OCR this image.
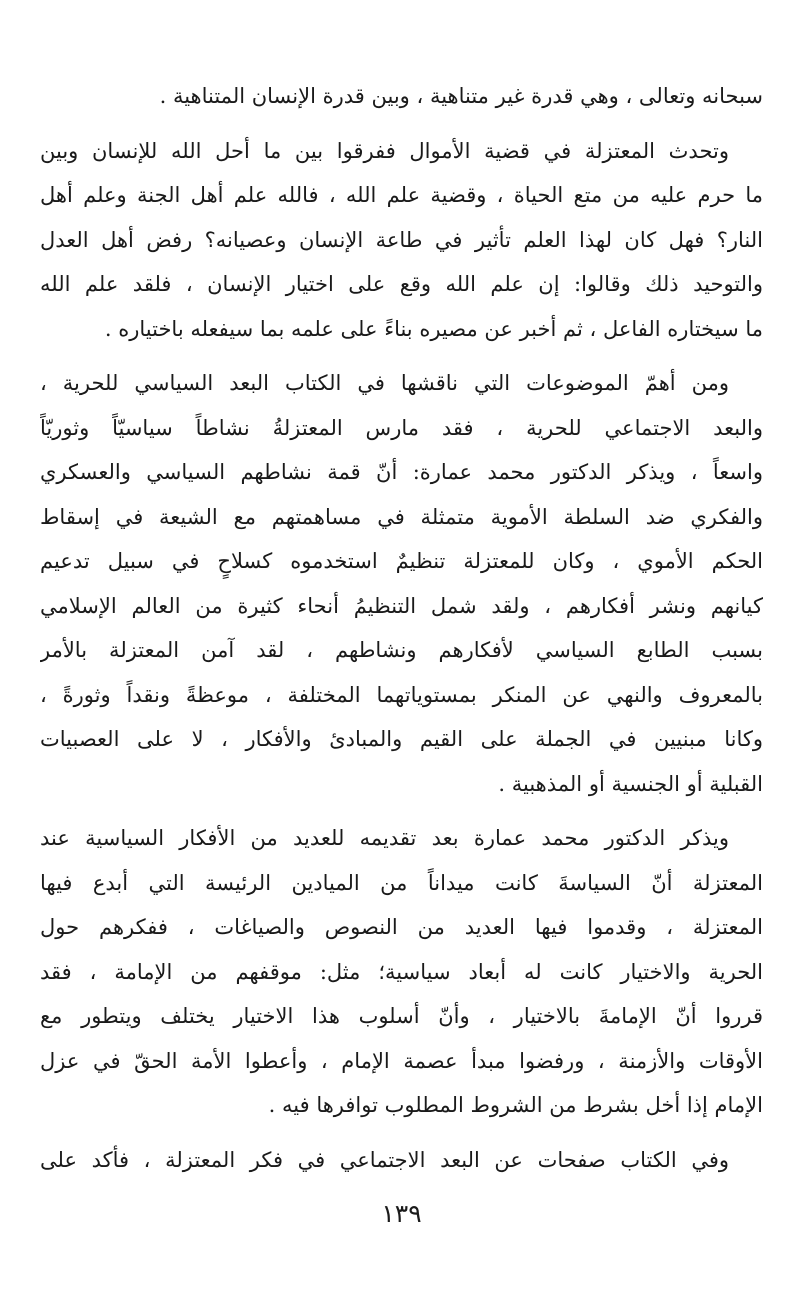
سبحانه وتعالى ، وهي قدرة غير متناهية ، وبين قدرة الإنسان المتناهية .
وتحدث المعتزلة في قضية الأموال ففرقوا بين ما أحل الله للإنسان وبين
ما حرم عليه من متع الحياة ، وقضية علم الله ، فالله علم أهل الجنة وعلم أهل
النار؟ فهل كان لهذا العلم تأثير في طاعة الإنسان وعصيانه؟ رفض أهل العدل
والتوحيد ذلك وقالوا: إن علم الله وقع على اختيار الإنسان ، فلقد علم الله
ما سيختاره الفاعل ، ثم أخبر عن مصيره بناءً على علمه بما سيفعله باختياره .
ومن أهمّ الموضوعات التي ناقشها في الكتاب البعد السياسي للحرية ،
والبعد الاجتماعي للحرية ، فقد مارس المعتزلةُ نشاطاً سياسيّاً وثوريّاً
واسعاً ، ويذكر الدكتور محمد عمارة: أنّ قمة نشاطهم السياسي والعسكري
والفكري ضد السلطة الأموية متمثلة في مساهمتهم مع الشيعة في إسقاط
الحكم الأموي ، وكان للمعتزلة تنظيمٌ استخدموه كسلاحٍ في سبيل تدعيم
كيانهم ونشر أفكارهم ، ولقد شمل التنظيمُ أنحاء كثيرة من العالم الإسلامي
بسبب الطابع السياسي لأفكارهم ونشاطهم ، لقد آمن المعتزلة بالأمر
بالمعروف والنهي عن المنكر بمستوياتهما المختلفة ، موعظةً ونقداً وثورةً ،
وكانا مبنيين في الجملة على القيم والمبادئ والأفكار ، لا على العصبيات
القبلية أو الجنسية أو المذهبية .
ويذكر الدكتور محمد عمارة بعد تقديمه للعديد من الأفكار السياسية عند
المعتزلة أنّ السياسةَ كانت ميداناً من الميادين الرئيسة التي أبدع فيها
المعتزلة ، وقدموا فيها العديد من النصوص والصياغات ، ففكرهم حول
الحرية والاختيار كانت له أبعاد سياسية؛ مثل: موقفهم من الإمامة ، فقد
قرروا أنّ الإمامةَ بالاختيار ، وأنّ أسلوب هذا الاختيار يختلف ويتطور مع
الأوقات والأزمنة ، ورفضوا مبدأ عصمة الإمام ، وأعطوا الأمة الحقّ في عزل
الإمام إذا أخل بشرط من الشروط المطلوب توافرها فيه .
وفي الكتاب صفحات عن البعد الاجتماعي في فكر المعتزلة ، فأكد على
١٣٩
